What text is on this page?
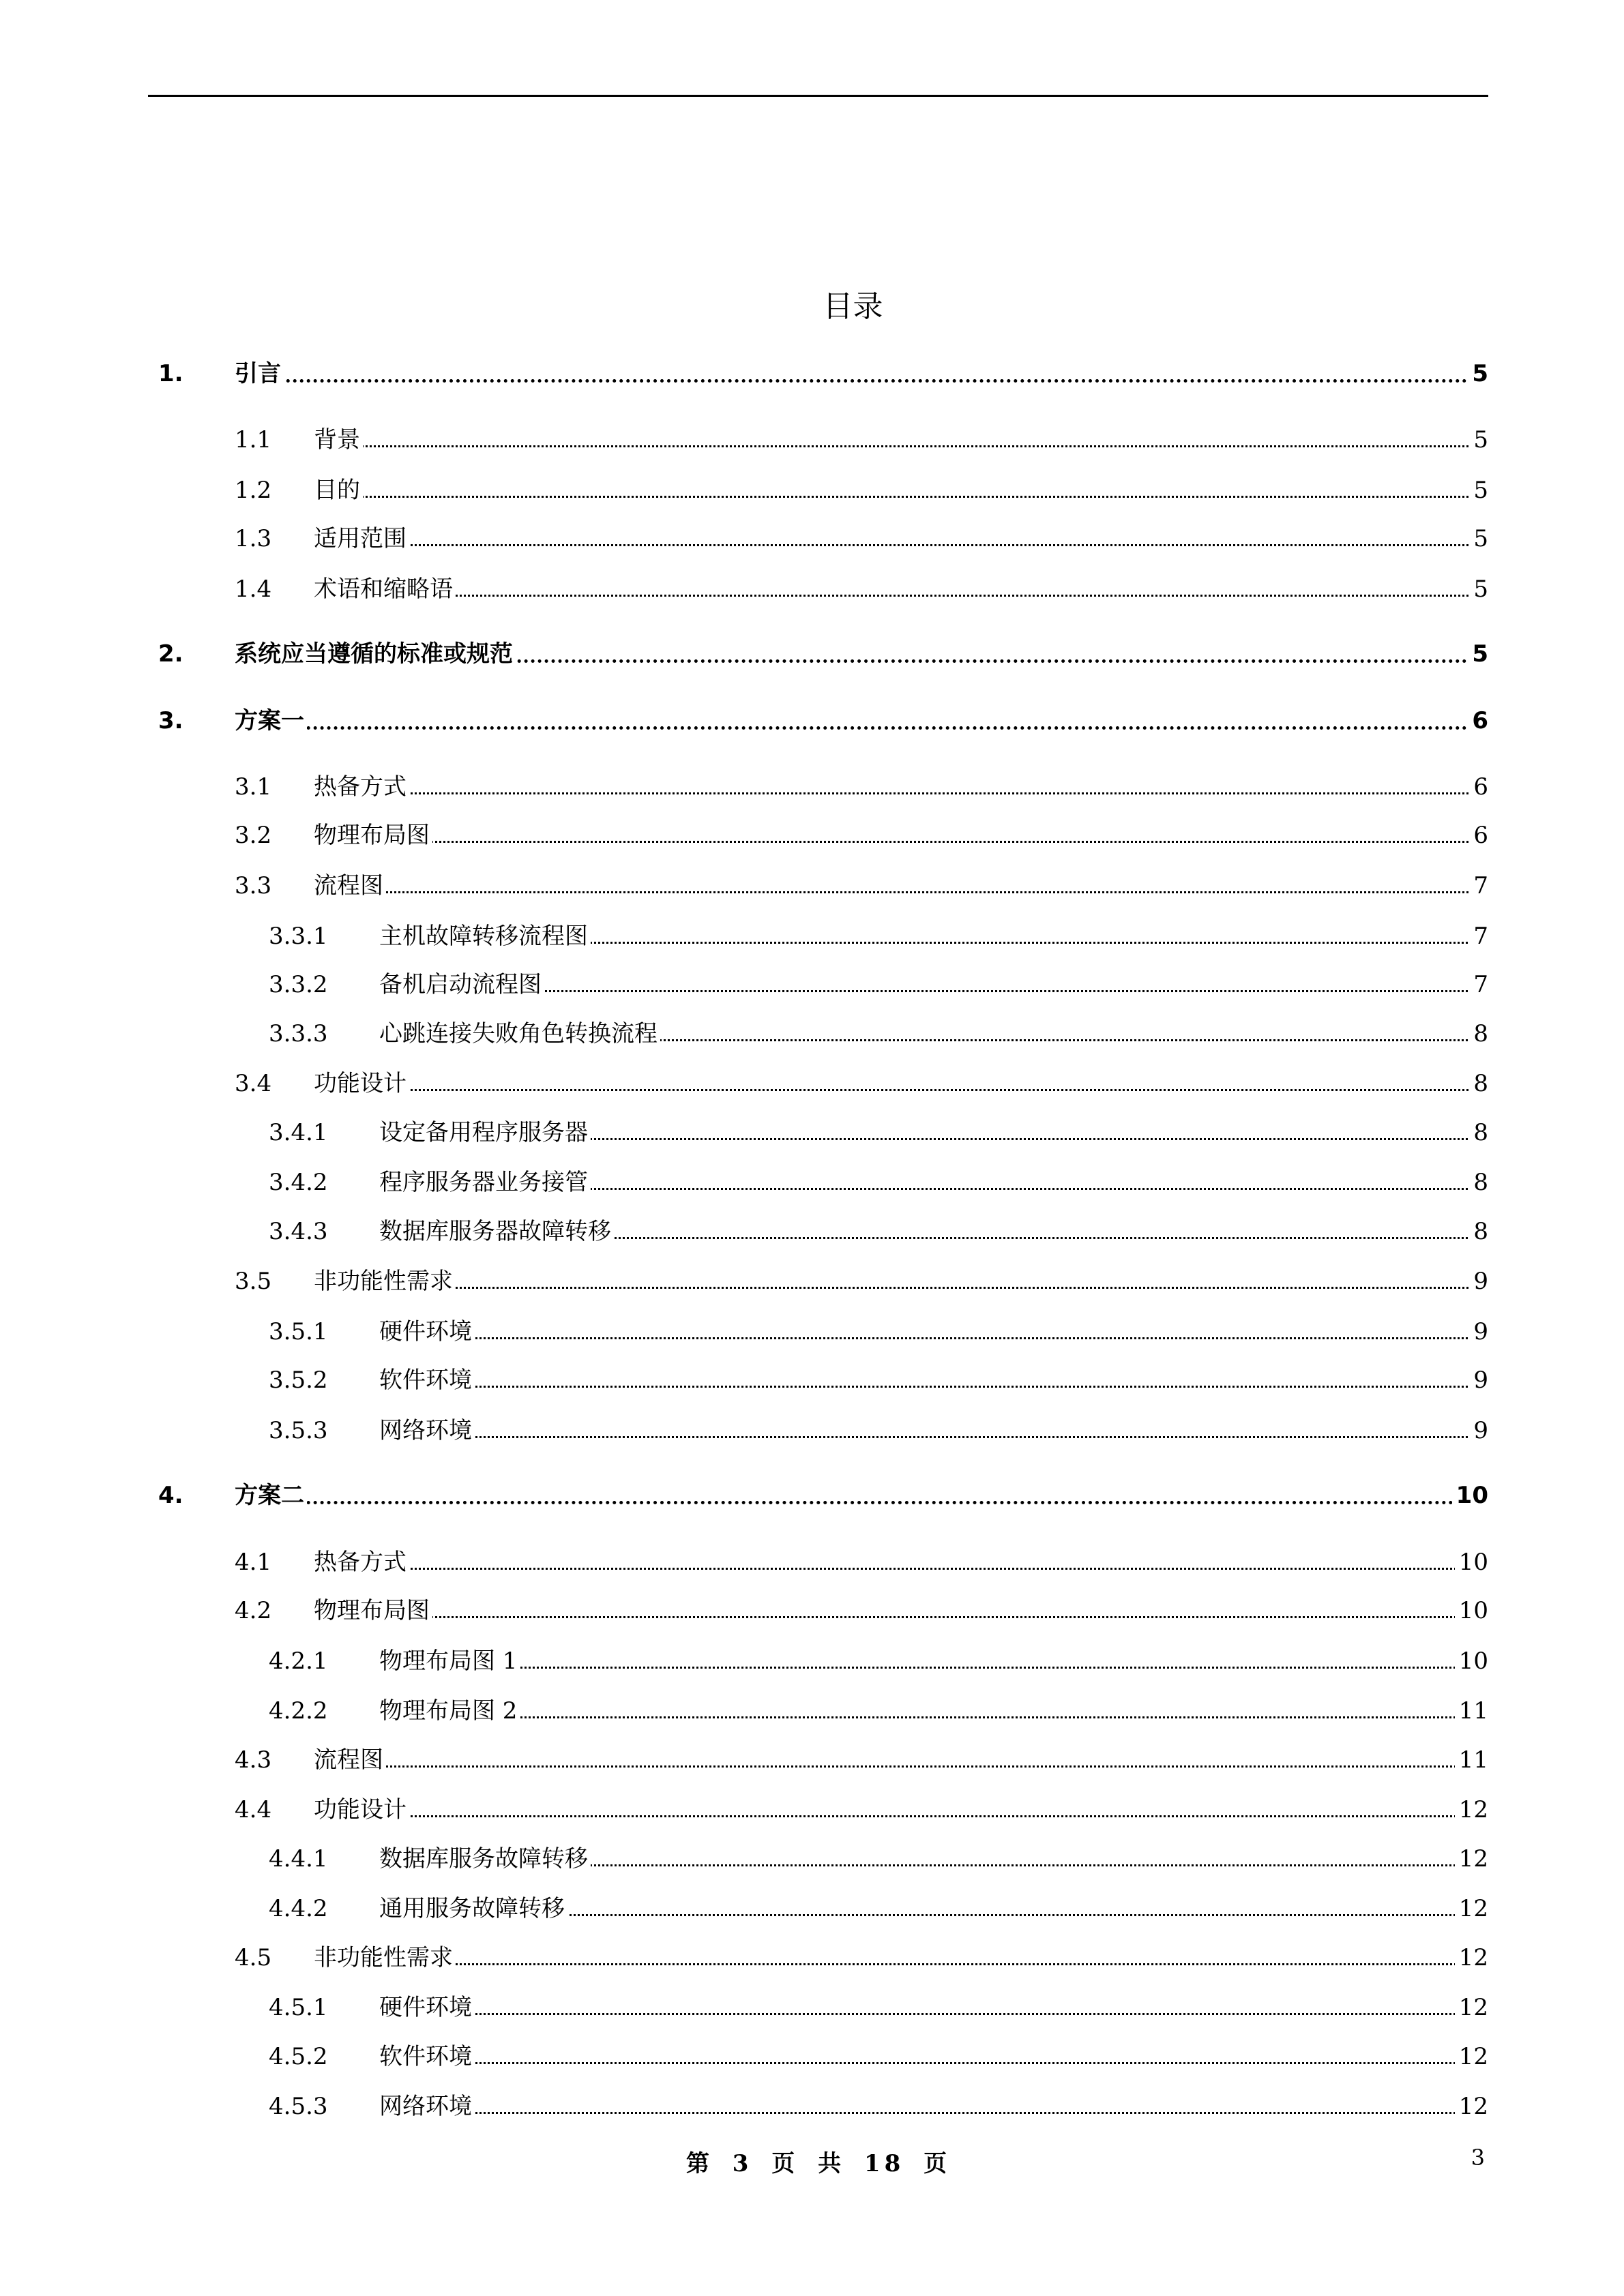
目录
1. 引言	5
1.1 背景	5
1.2 目的	5
1.3 适用范围	5
1.4 术语和缩略语	5
2. 系统应当遵循的标准或规范	5
3. 方案一	6
3.1 热备方式	6
3.2 物理布局图	6
3.3 流程图	7
3.3.1 主机故障转移流程图	7
3.3.2 备机启动流程图	7
3.3.3 心跳连接失败角色转换流程	8
3.4 功能设计	8
3.4.1 设定备用程序服务器	8
3.4.2 程序服务器业务接管	8
3.4.3 数据库服务器故障转移	8
3.5 非功能性需求	9
3.5.1 硬件环境	9
3.5.2 软件环境	9
3.5.3 网络环境	9
4. 方案二	10
4.1 热备方式	10
4.2 物理布局图	10
4.2.1 物理布局图 1	10
4.2.2 物理布局图 2	11
4.3 流程图	11
4.4 功能设计	12
4.4.1 数据库服务故障转移	12
4.4.2 通用服务故障转移	12
4.5 非功能性需求	12
4.5.1 硬件环境	12
4.5.2 软件环境	12
4.5.3 网络环境	12
第 3 页 共 18 页	3
